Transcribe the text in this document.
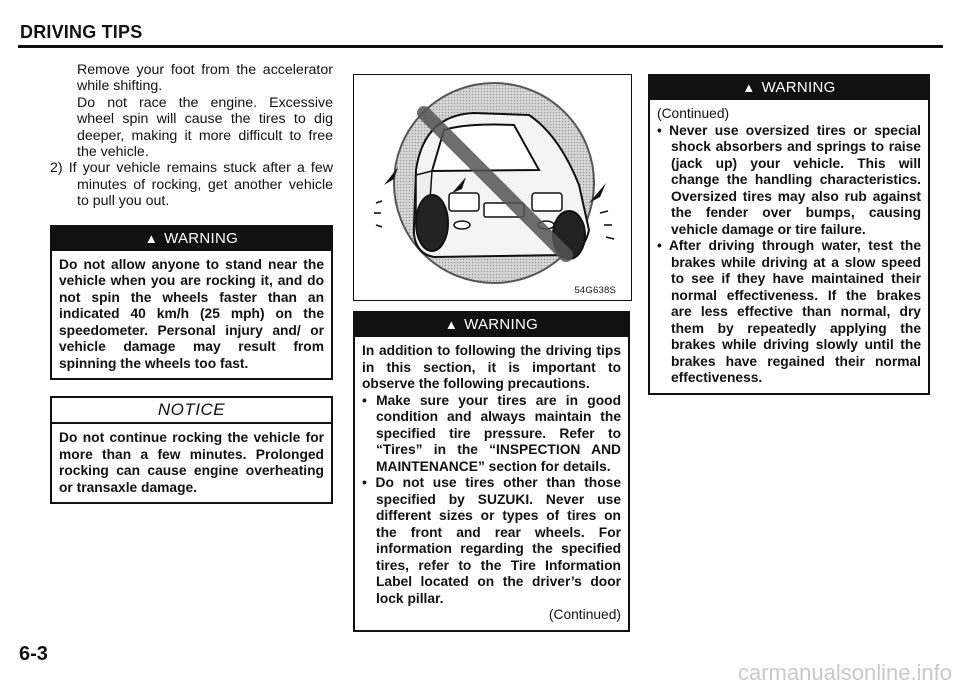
DRIVING TIPS

Remove your foot from the accelerator while shifting.

Do not race the engine. Excessive wheel spin will cause the tires to dig deeper, making it more difficult to free the vehicle.

2) If your vehicle remains stuck after a few minutes of rocking, get another vehicle to pull you out.

▲ WARNING

Do not allow anyone to stand near the vehicle when you are rocking it, and do not spin the wheels faster than an indicated 40 km/h (25 mph) on the speedometer. Personal injury and/ or vehicle damage may result from spinning the wheels too fast.

NOTICE

Do not continue rocking the vehicle for more than a few minutes. Prolonged rocking can cause engine overheating or transaxle damage.

54G638S
▲ WARNING

In addition to following the driving tips in this section, it is important to observe the following precautions.

• Make sure your tires are in good condition and always maintain the specified tire pressure. Refer to “Tires” in the “INSPECTION AND MAINTENANCE” section for details.

• Do not use tires other than those specified by SUZUKI. Never use different sizes or types of tires on the front and rear wheels. For information regarding the specified tires, refer to the Tire Information Label located on the driver’s door lock pillar.

(Continued)

▲ WARNING

(Continued)

• Never use oversized tires or special shock absorbers and springs to raise (jack up) your vehicle. This will change the handling characteristics. Oversized tires may also rub against the fender over bumps, causing vehicle damage or tire failure.

• After driving through water, test the brakes while driving at a slow speed to see if they have maintained their normal effectiveness. If the brakes are less effective than normal, dry them by repeatedly applying the brakes while driving slowly until the brakes have regained their normal effectiveness.

6-3
carmanualsonline.info
